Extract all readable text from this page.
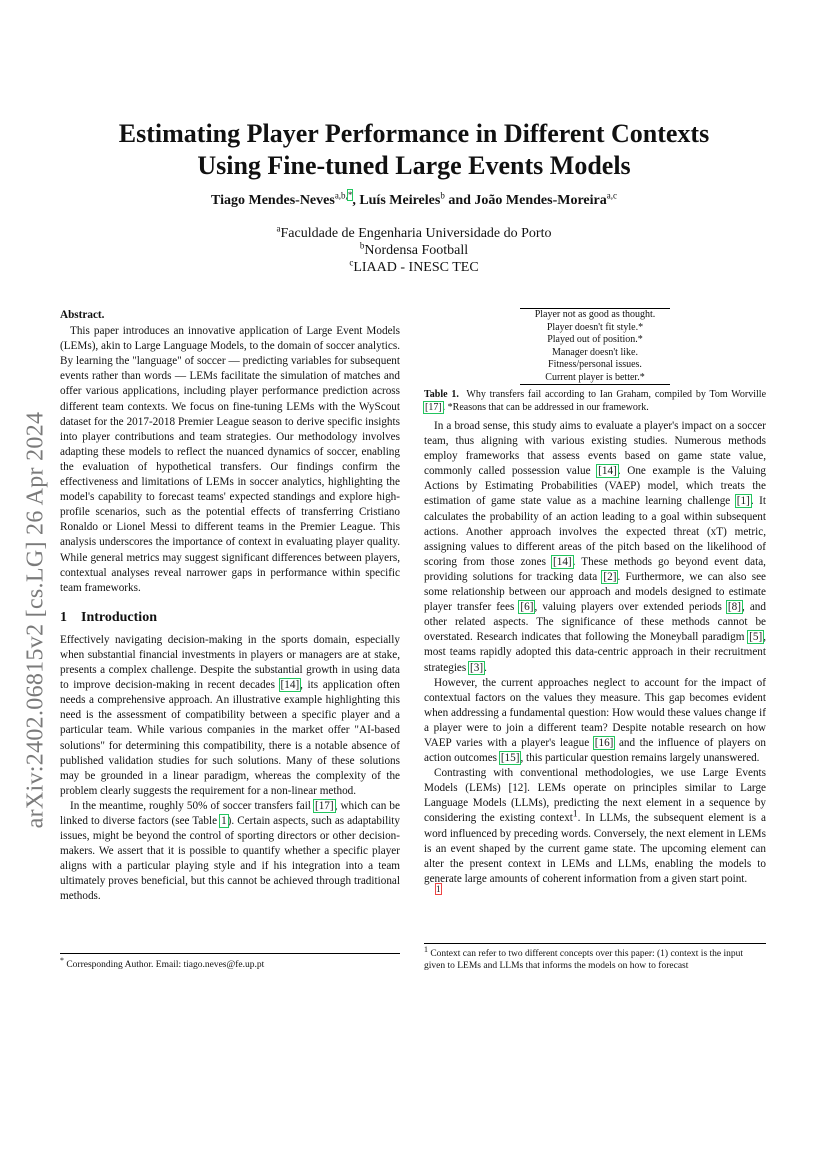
arXiv:2402.06815v2 [cs.LG] 26 Apr 2024
Estimating Player Performance in Different Contexts
Using Fine-tuned Large Events Models
Tiago Mendes-Neves$^{a,b,*}$, Luís Meireles$^b$ and João Mendes-Moreira$^{a,c}$
$^a$Faculdade de Engenharia Universidade do Porto
$^b$Nordensa Football
$^c$LIAAD - INESC TEC
Abstract.

This paper introduces an innovative application of Large Event Models (LEMs), akin to Large Language Models, to the domain of soccer analytics. By learning the "language" of soccer — predicting variables for subsequent events rather than words — LEMs facilitate the simulation of matches and offer various applications, including player performance prediction across different team contexts. We focus on fine-tuning LEMs with the WyScout dataset for the 2017-2018 Premier League season to derive specific insights into player contributions and team strategies. Our methodology involves adapting these models to reflect the nuanced dynamics of soccer, enabling the evaluation of hypothetical transfers. Our findings confirm the effectiveness and limitations of LEMs in soccer analytics, highlighting the model's capability to forecast teams' expected standings and explore high-profile scenarios, such as the potential effects of transferring Cristiano Ronaldo or Lionel Messi to different teams in the Premier League. This analysis underscores the importance of context in evaluating player quality. While general metrics may suggest significant differences between players, contextual analyses reveal narrower gaps in performance within specific team frameworks.

1 Introduction

Effectively navigating decision-making in the sports domain, especially when substantial financial investments in players or managers are at stake, presents a complex challenge. Despite the substantial growth in using data to improve decision-making in recent decades [14], its application often needs a comprehensive approach. An illustrative example highlighting this need is the assessment of compatibility between a specific player and a particular team. While various companies in the market offer "AI-based solutions" for determining this compatibility, there is a notable absence of published validation studies for such solutions. Many of these solutions may be grounded in a linear paradigm, whereas the complexity of the problem clearly suggests the requirement for a non-linear method.

In the meantime, roughly 50% of soccer transfers fail [17], which can be linked to diverse factors (see Table 1). Certain aspects, such as adaptability issues, might be beyond the control of sporting directors or other decision-makers. We assert that it is possible to quantify whether a specific player aligns with a particular playing style and if his integration into a team ultimately proves beneficial, but this cannot be achieved through traditional methods.

* Corresponding Author. Email: tiago.neves@fe.up.pt
Player not as good as thought.
Player doesn't fit style.*
Played out of position.*
Manager doesn't like.
Fitness/personal issues.
Current player is better.*
Table 1. Why transfers fail according to Ian Graham, compiled by Tom Worville [17]. *Reasons that can be addressed in our framework.

In a broad sense, this study aims to evaluate a player's impact on a soccer team, thus aligning with various existing studies. Numerous methods employ frameworks that assess events based on game state value, commonly called possession value [14]. One example is the Valuing Actions by Estimating Probabilities (VAEP) model, which treats the estimation of game state value as a machine learning challenge [1]. It calculates the probability of an action leading to a goal within subsequent actions. Another approach involves the expected threat (xT) metric, assigning values to different areas of the pitch based on the likelihood of scoring from those zones [14]. These methods go beyond event data, providing solutions for tracking data [2]. Furthermore, we can also see some relationship between our approach and models designed to estimate player transfer fees [6], valuing players over extended periods [8], and other related aspects. The significance of these methods cannot be overstated. Research indicates that following the Moneyball paradigm [5], most teams rapidly adopted this data-centric approach in their recruitment strategies [3].

However, the current approaches neglect to account for the impact of contextual factors on the values they measure. This gap becomes evident when addressing a fundamental question: How would these values change if a player were to join a different team? Despite notable research on how VAEP varies with a player's league [16] and the influence of players on action outcomes [15], this particular question remains largely unanswered.

Contrasting with conventional methodologies, we use Large Events Models (LEMs) [12]. LEMs operate on principles similar to Large Language Models (LLMs), predicting the next element in a sequence by considering the existing context$^1$. In LLMs, the subsequent element is a word influenced by preceding words. Conversely, the next element in LEMs is an event shaped by the current game state. The upcoming element can alter the present context in LEMs and LLMs, enabling the models to generate large amounts of coherent information from a given start point.

$^1$
$^1$ Context can refer to two different concepts over this paper: (1) context is the input given to LEMs and LLMs that informs the models on how to forecast
